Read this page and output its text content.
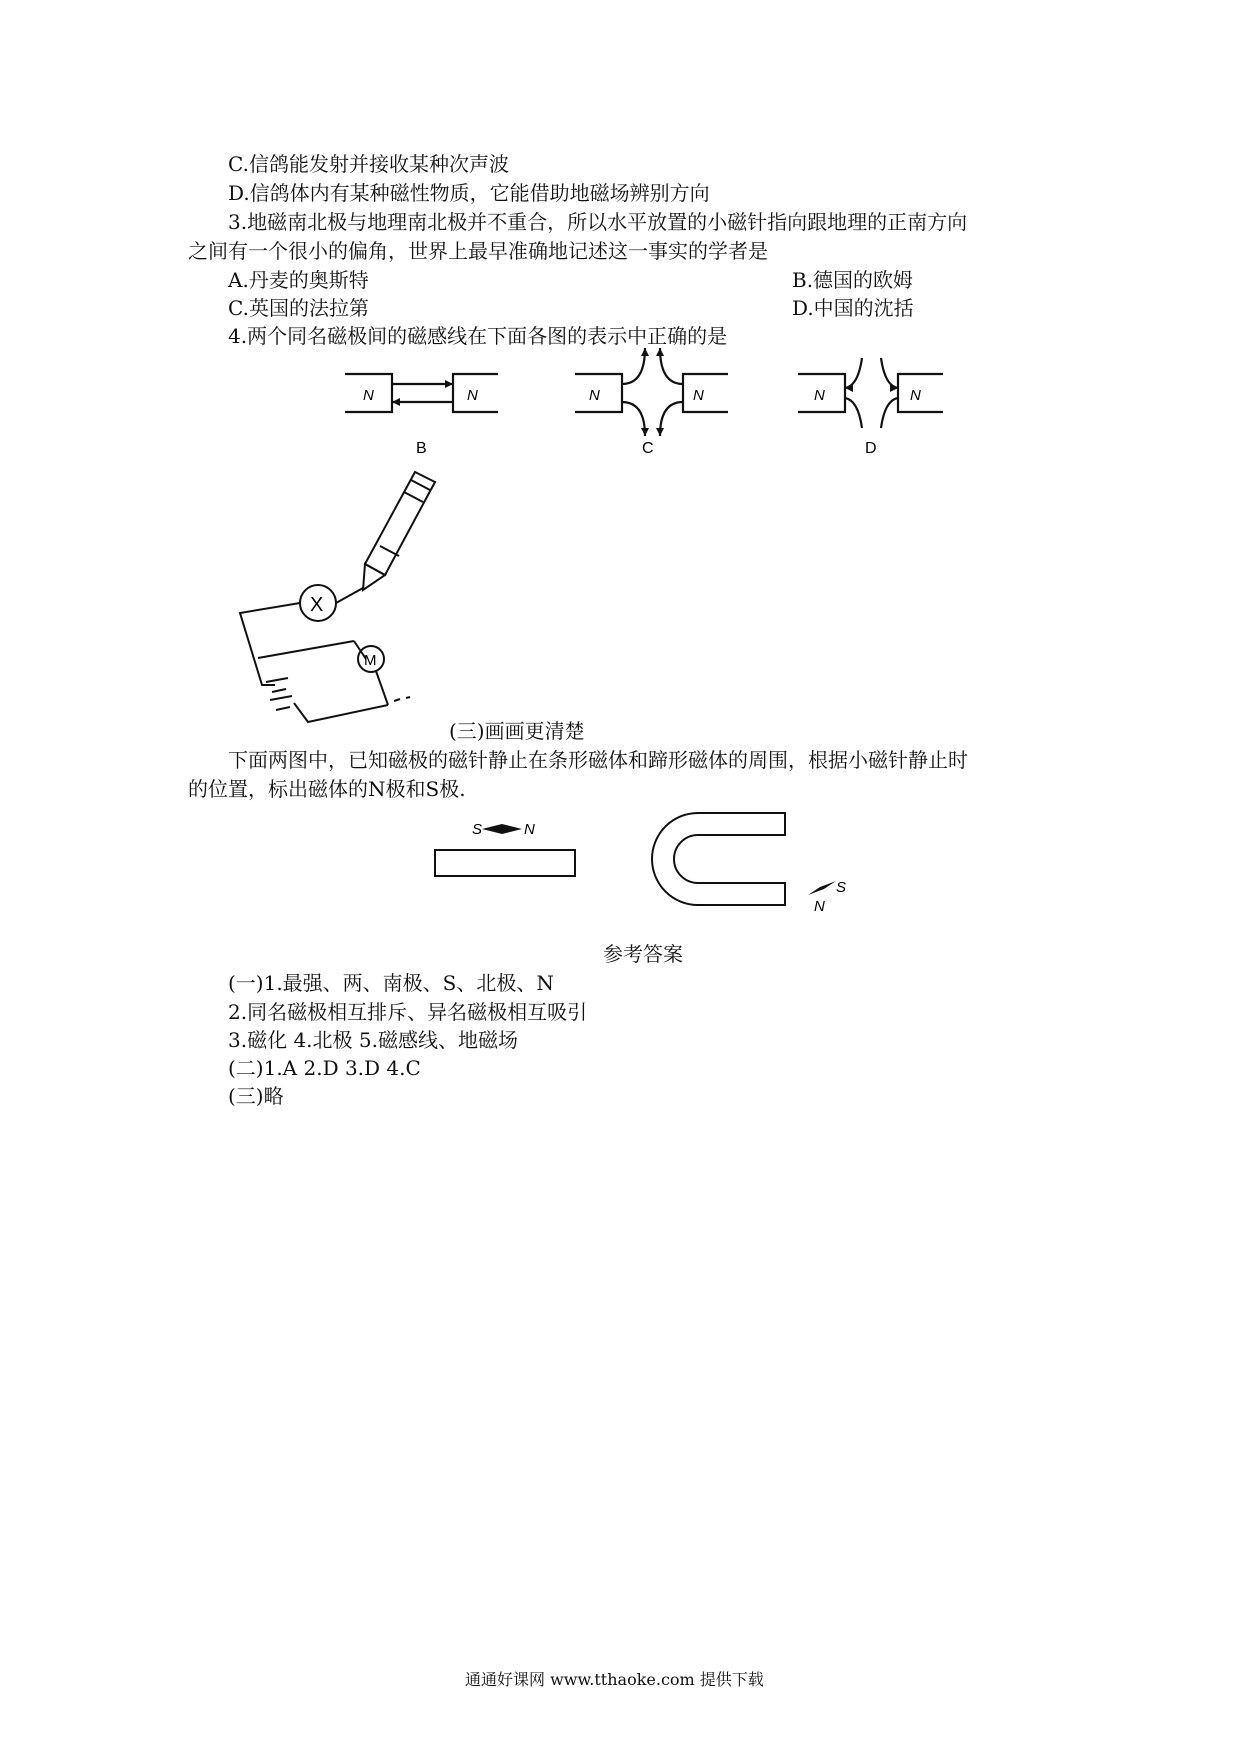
C.信鸽能发射并接收某种次声波
D.信鸽体内有某种磁性物质，它能借助地磁场辨别方向
3.地磁南北极与地理南北极并不重合，所以水平放置的小磁针指向跟地理的正南方向
之间有一个很小的偏角，世界上最早准确地记述这一事实的学者是
A.丹麦的奥斯特	B.德国的欧姆
C.英国的法拉第	D.中国的沈括
4.两个同名磁极间的磁感线在下面各图的表示中正确的是
N	N
B
N	N
C
N	N
D
X
M
(三)画画更清楚
下面两图中，已知磁极的磁针静止在条形磁体和蹄形磁体的周围，根据小磁针静止时
的位置，标出磁体的N极和S极.
S	N
N
S
参考答案
(一)1.最强、两、南极、S、北极、N
2.同名磁极相互排斥、异名磁极相互吸引
3.磁化 4.北极 5.磁感线、地磁场
(二)1.A 2.D 3.D 4.C
(三)略
通通好课网 www.tthaoke.com 提供下载
